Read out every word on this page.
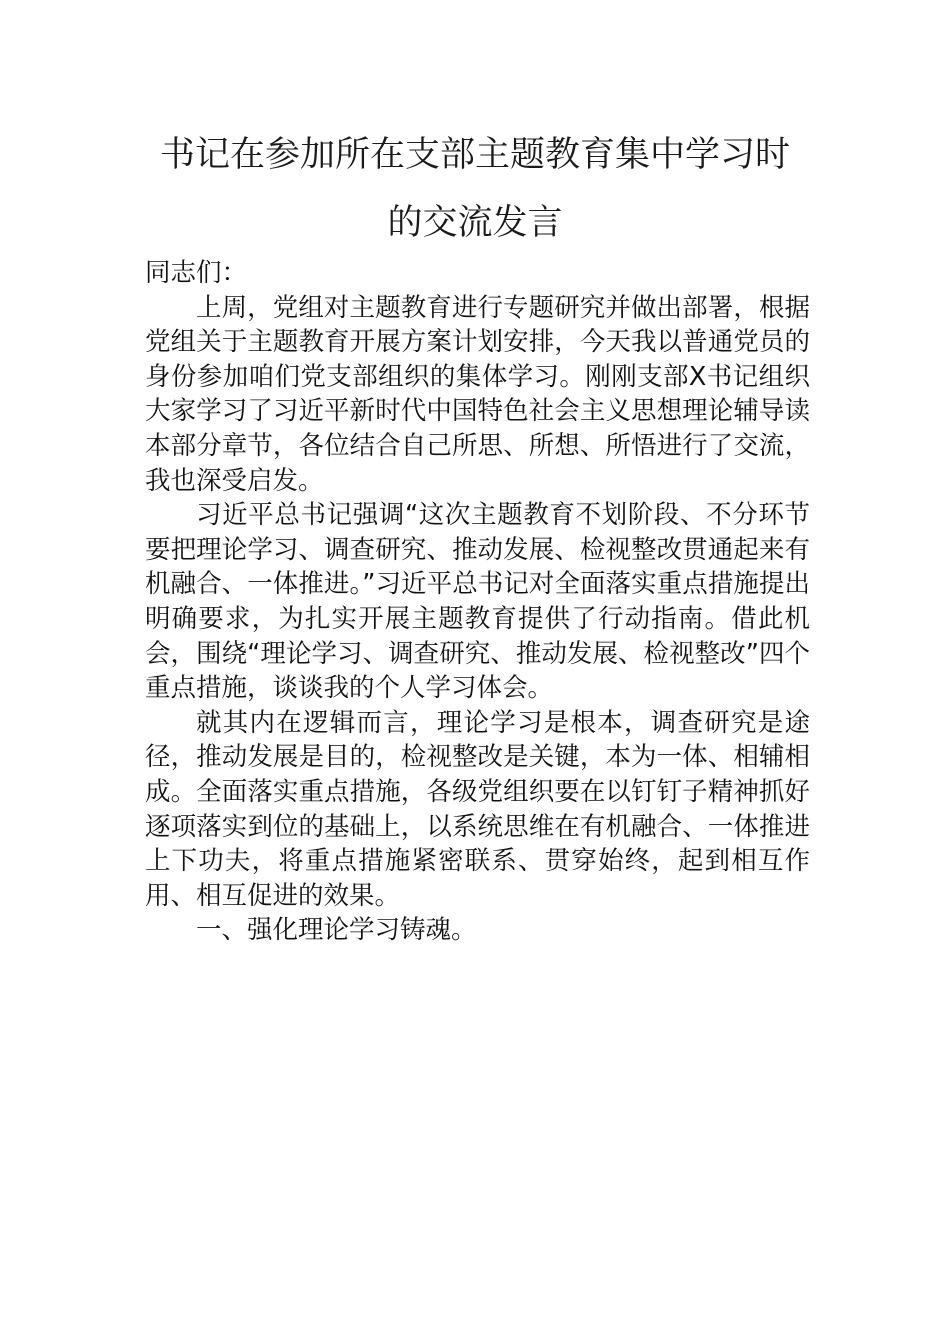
书记在参加所在支部主题教育集中学习时
的交流发言

同志们：

上周，党组对主题教育进行专题研究并做出部署，根据党组关于主题教育开展方案计划安排，今天我以普通党员的身份参加咱们党支部组织的集体学习。刚刚支部X书记组织大家学习了习近平新时代中国特色社会主义思想理论辅导读本部分章节，各位结合自己所思、所想、所悟进行了交流，我也深受启发。

习近平总书记强调“这次主题教育不划阶段、不分环节要把理论学习、调查研究、推动发展、检视整改贯通起来有机融合、一体推进。”习近平总书记对全面落实重点措施提出明确要求，为扎实开展主题教育提供了行动指南。借此机会，围绕“理论学习、调查研究、推动发展、检视整改”四个重点措施，谈谈我的个人学习体会。

就其内在逻辑而言，理论学习是根本，调查研究是途径，推动发展是目的，检视整改是关键，本为一体、相辅相成。全面落实重点措施，各级党组织要在以钉钉子精神抓好逐项落实到位的基础上，以系统思维在有机融合、一体推进上下功夫，将重点措施紧密联系、贯穿始终，起到相互作用、相互促进的效果。

一、强化理论学习铸魂。
